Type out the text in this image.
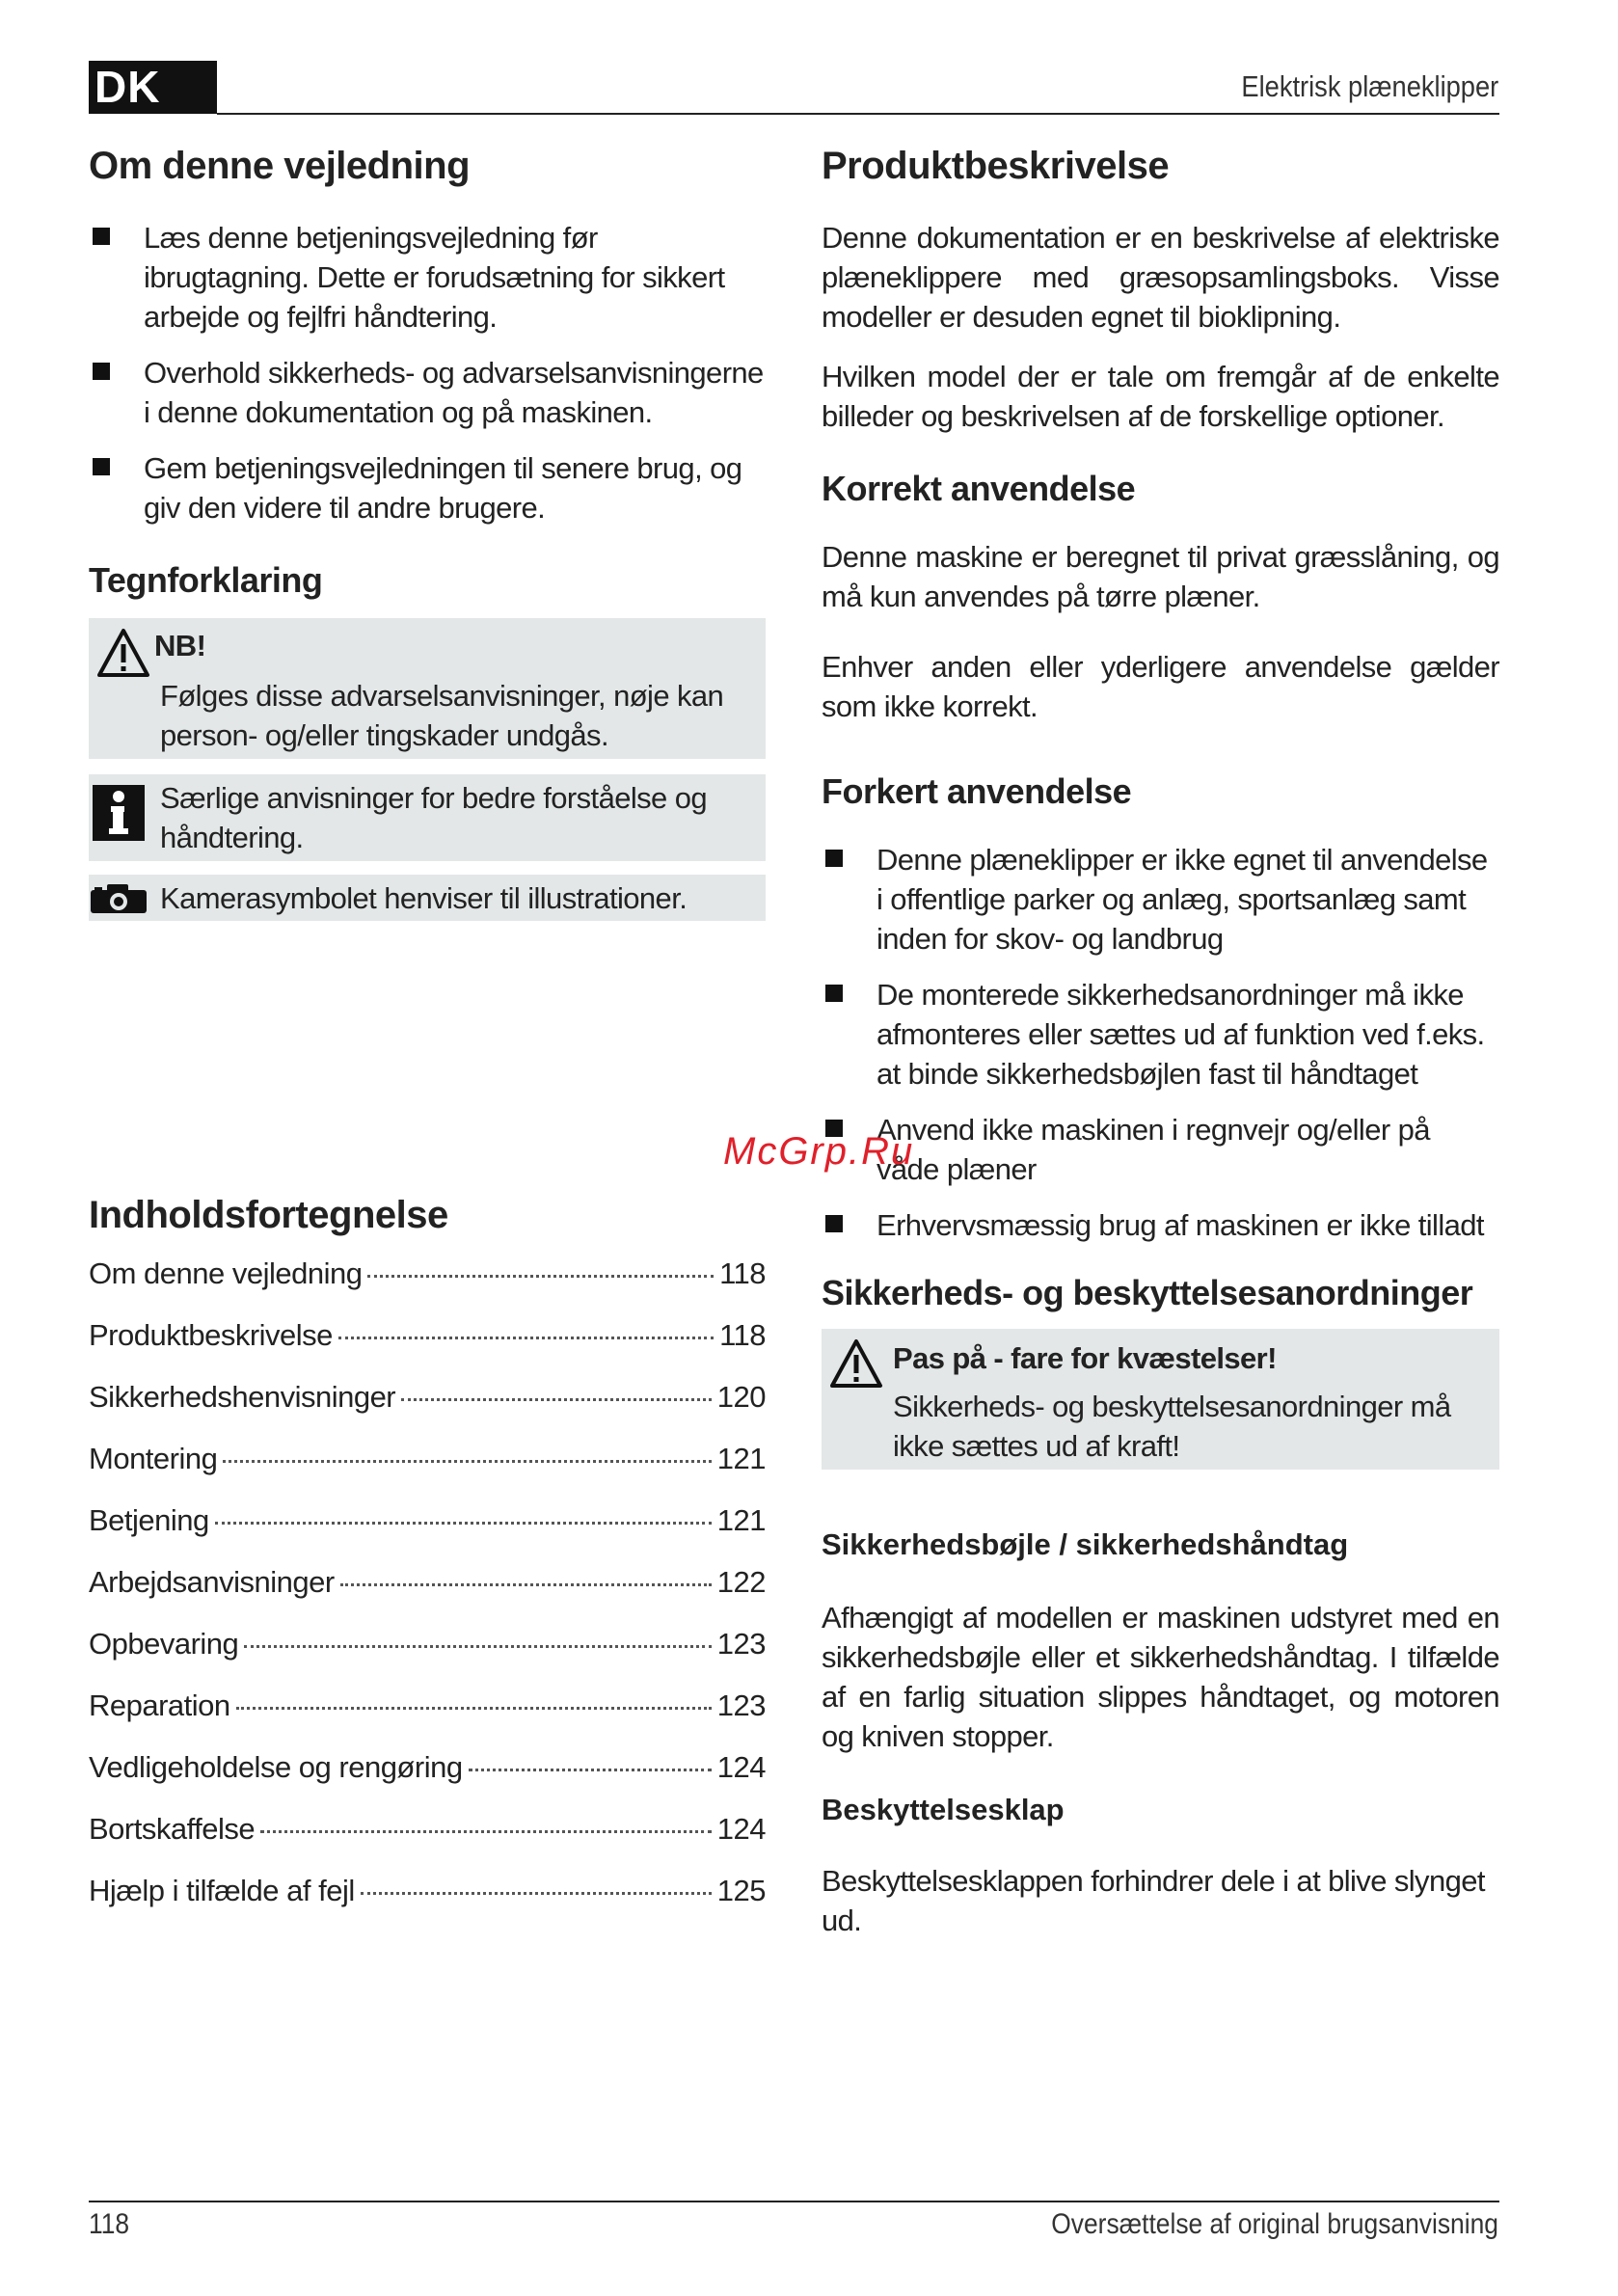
DK	Elektrisk plæneklipper
Om denne vejledning
Læs denne betjeningsvejledning før ibrugtagning. Dette er forudsætning for sikkert arbejde og fejlfri håndtering.
Overhold sikkerheds- og advarselsanvisningerne i denne dokumentation og på maskinen.
Gem betjeningsvejledningen til senere brug, og giv den videre til andre brugere.
Tegnforklaring

NB!

Følges disse advarselsanvisninger, nøje kan person- og/eller tingskader undgås.

Særlige anvisninger for bedre forståelse og håndtering.

Kamerasymbolet henviser til illustrationer.

Indholdsfortegnelse
Om denne vejledning	118
Produktbeskrivelse	118
Sikkerhedshenvisninger	120
Montering	121
Betjening	121
Arbejdsanvisninger	122
Opbevaring	123
Reparation	123
Vedligeholdelse og rengøring	124
Bortskaffelse	124
Hjælp i tilfælde af fejl	125
Produktbeskrivelse

Denne dokumentation er en beskrivelse af elektriske plæneklippere med græsopsamlingsboks. Visse modeller er desuden egnet til bioklipning.

Hvilken model der er tale om fremgår af de enkelte billeder og beskrivelsen af de forskellige optioner.

Korrekt anvendelse

Denne maskine er beregnet til privat græsslåning, og må kun anvendes på tørre plæner.

Enhver anden eller yderligere anvendelse gælder som ikke korrekt.

Forkert anvendelse
Denne plæneklipper er ikke egnet til anvendelse i offentlige parker og anlæg, sportsanlæg samt inden for skov- og landbrug
De monterede sikkerhedsanordninger må ikke afmonteres eller sættes ud af funktion ved f.eks. at binde sikkerhedsbøjlen fast til håndtaget
Anvend ikke maskinen i regnvejr og/eller på våde plæner
Erhvervsmæssig brug af maskinen er ikke tilladt
Sikkerheds- og beskyttelsesanordninger

Pas på - fare for kvæstelser!

Sikkerheds- og beskyttelsesanordninger må ikke sættes ud af kraft!

Sikkerhedsbøjle / sikkerhedshåndtag

Afhængigt af modellen er maskinen udstyret med en sikkerhedsbøjle eller et sikkerhedshåndtag. I tilfælde af en farlig situation slippes håndtaget, og motoren og kniven stopper.

Beskyttelsesklap

Beskyttelsesklappen forhindrer dele i at blive slynget ud.

McGrp.Ru
118	Oversættelse af original brugsanvisning
